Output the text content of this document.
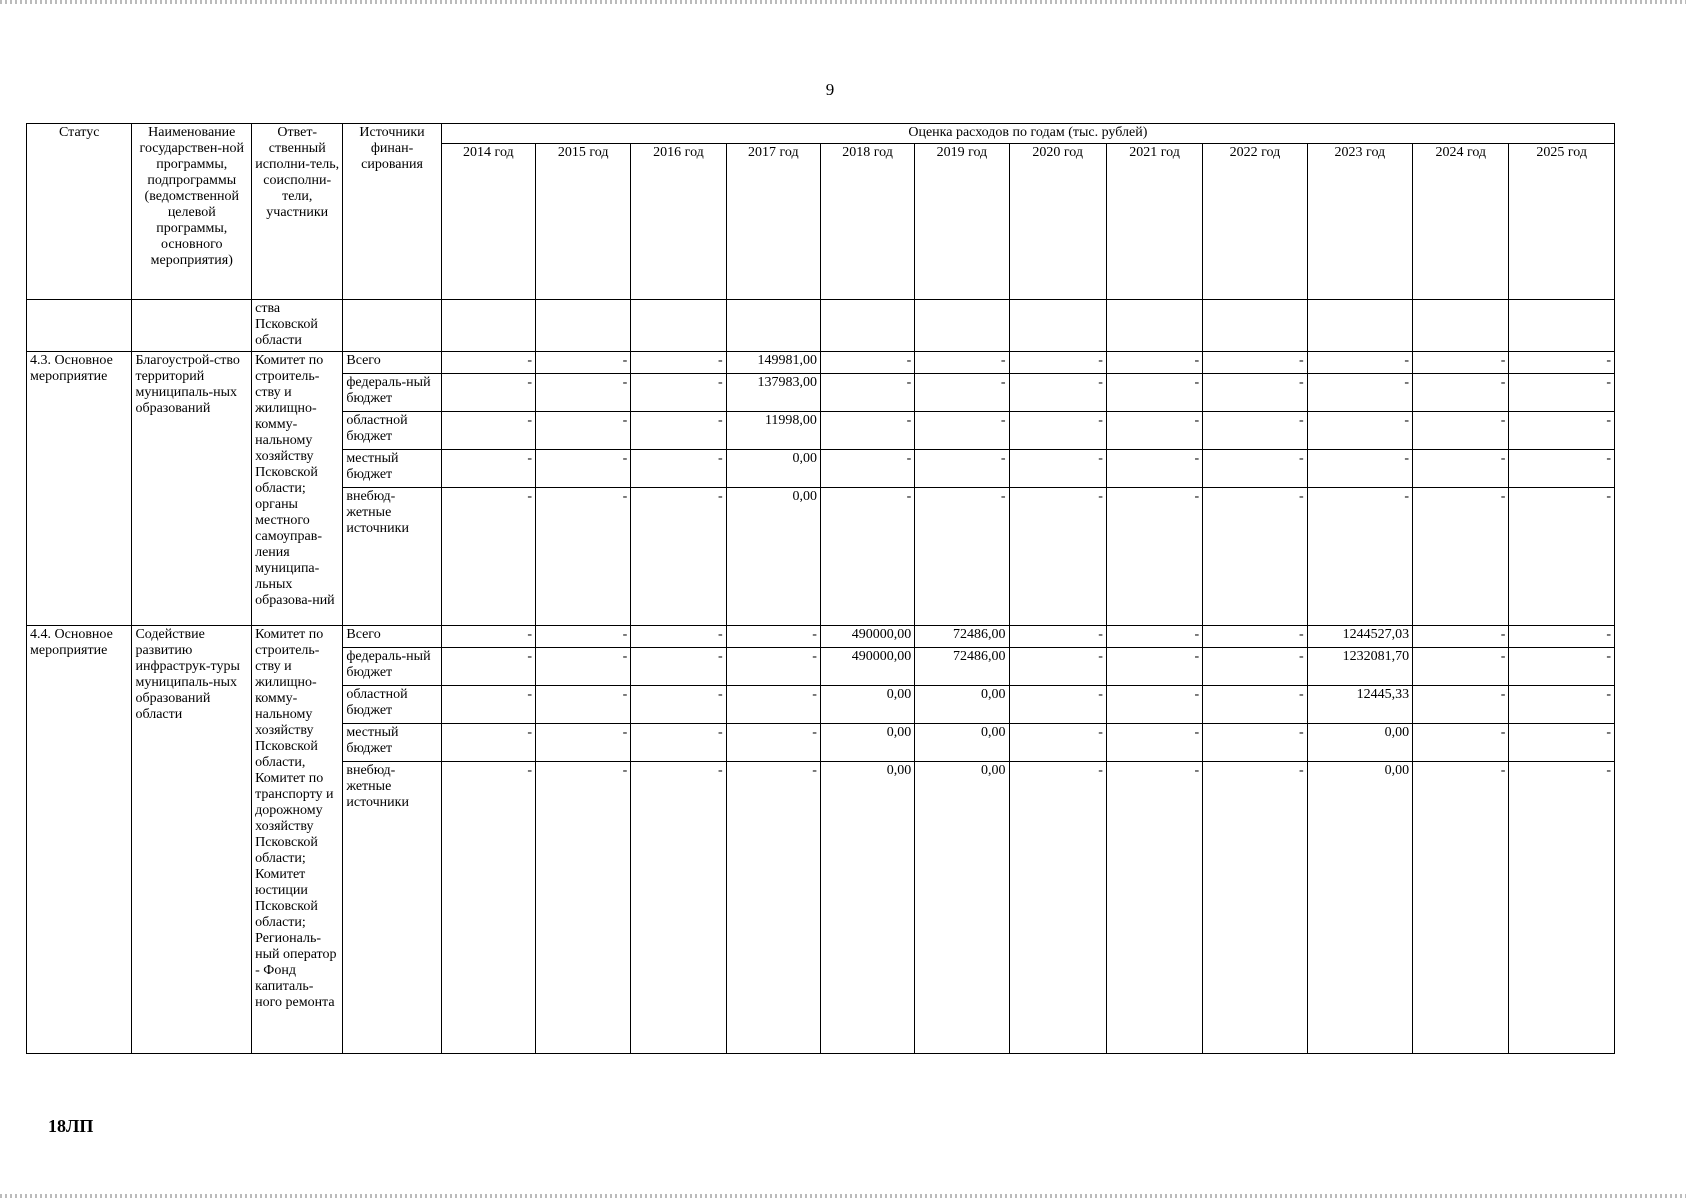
9
Статус	Наименование государствен-ной программы, подпрограммы (ведомственной целевой программы, основного мероприятия)	Ответ-ственный исполни-тель, соисполни-тели, участники	Источники финан-сирования	Оценка расходов по годам (тыс. рублей)											
				2014 год	2015 год	2016 год	2017 год	2018 год	2019 год	2020 год	2021 год	2022 год	2023 год	2024 год	2025 год
		ства Псковской области													
4.3. Основное мероприятие	Благоустрой-ство территорий муниципаль-ных образований	Комитет по строитель-ству и жилищно-комму-нальному хозяйству Псковской области; органы местного самоуправ-ления муниципа-льных образова-ний	Всего	-	-	-	149981,00	-	-	-	-	-	-	-	-
			федераль-ный бюджет	-	-	-	137983,00	-	-	-	-	-	-	-	-
			областной бюджет	-	-	-	11998,00	-	-	-	-	-	-	-	-
			местный бюджет	-	-	-	0,00	-	-	-	-	-	-	-	-
			внебюд-жетные источники	-	-	-	0,00	-	-	-	-	-	-	-	-
4.4. Основное мероприятие	Содействие развитию инфраструк-туры муниципаль-ных образований области	Комитет по строитель-ству и жилищно-комму-нальному хозяйству Псковской области, Комитет по транспорту и дорожному хозяйству Псковской области; Комитет юстиции Псковской области; Региональ-ный оператор - Фонд капиталь-ного ремонта	Всего	-	-	-	-	490000,00	72486,00	-	-	-	1244527,03	-	-
			федераль-ный бюджет	-	-	-	-	490000,00	72486,00	-	-	-	1232081,70	-	-
			областной бюджет	-	-	-	-	0,00	0,00	-	-	-	12445,33	-	-
			местный бюджет	-	-	-	-	0,00	0,00	-	-	-	0,00	-	-
			внебюд-жетные источники	-	-	-	-	0,00	0,00	-	-	-	0,00	-	-
18ЛП
